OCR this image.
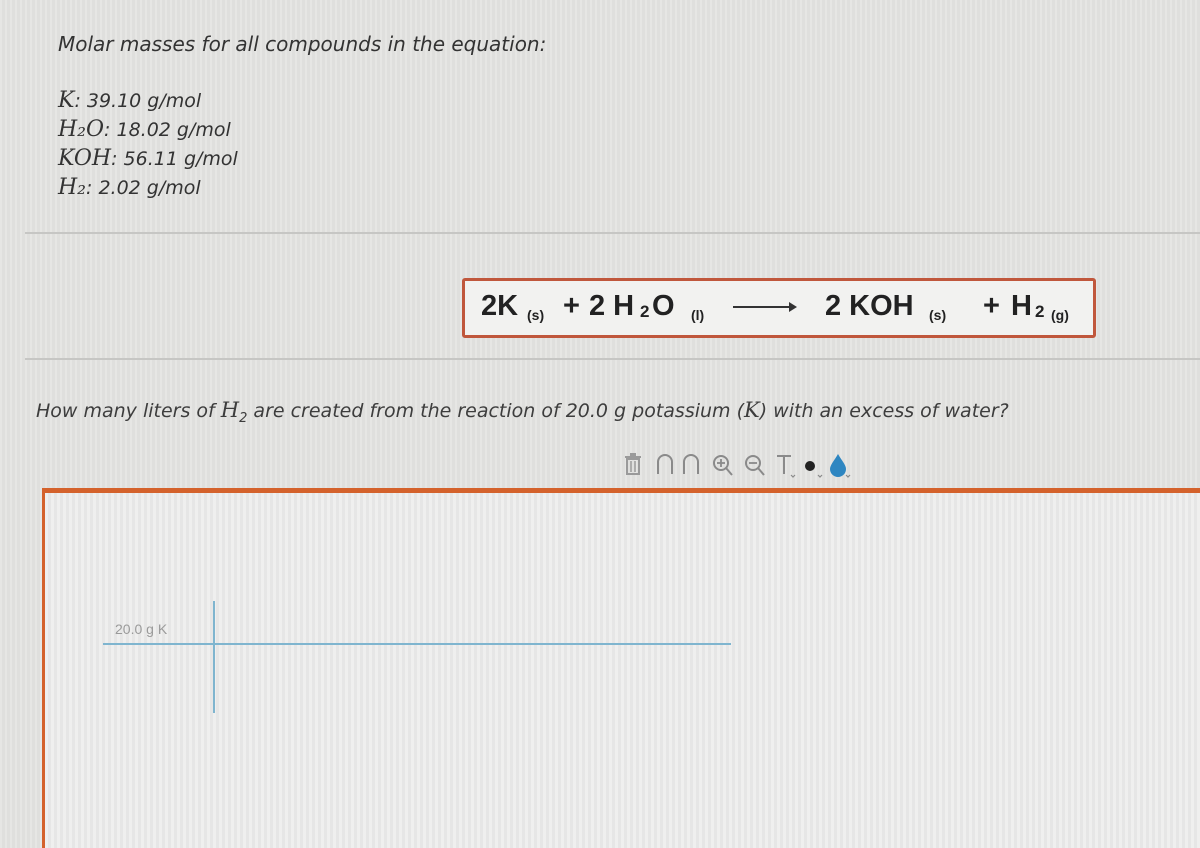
Molar masses for all compounds in the equation:
K: 39.10 g/mol
H₂O: 18.02 g/mol
KOH: 56.11 g/mol
H₂: 2.02 g/mol
2K (s) + 2 H 2 O (l)	2 KOH (s) + H 2 (g)
How many liters of $H_2$ are created from the reaction of 20.0 g potassium (K) with an excess of water?
20.0 g K
